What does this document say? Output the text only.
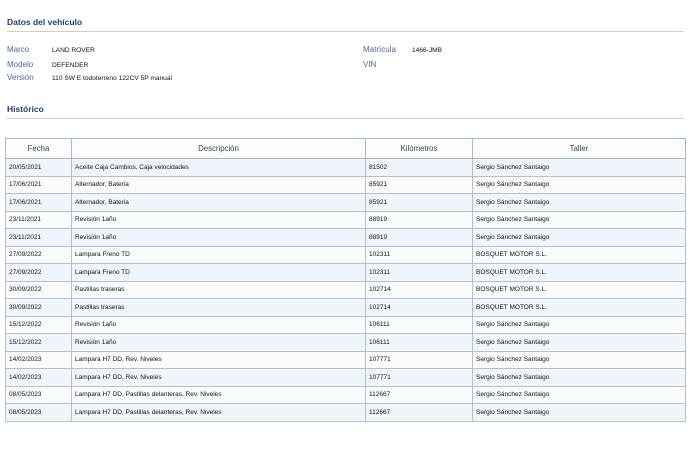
Datos del vehículo
Marco	LAND ROVER
Modelo	DEFENDER
Versión	110 SW E todoterreno 122CV 5P manual
Matrícula 1466-JMB
VIN
Histórico
Fecha	Descripción	Kilómetros	Taller
20/05/2021	Aceite Caja Cambios, Caja velocidades	81502	Sergio Sánchez Santaigo
17/06/2021	Alternador, Bateria	85921	Sergio Sánchez Santaigo
17/06/2021	Alternador, Bateria	85921	Sergio Sánchez Santaigo
23/11/2021	Revisión 1año	88919	Sergio Sánchez Santaigo
23/11/2021	Revisión 1año	88919	Sergio Sánchez Santaigo
27/09/2022	Lampara Freno TD	102311	BOSQUET MOTOR S.L.
27/09/2022	Lampara Freno TD	102311	BOSQUET MOTOR S.L.
30/09/2022	Pastillas traseras	102714	BOSQUET MOTOR S.L.
30/09/2022	Pastillas traseras	102714	BOSQUET MOTOR S.L.
15/12/2022	Revisión 1año	106111	Sergio Sánchez Santaigo
15/12/2022	Revisión 1año	106111	Sergio Sánchez Santaigo
14/02/2023	Lampara H7 DD, Rev. Niveles	107771	Sergio Sánchez Santaigo
14/02/2023	Lampara H7 DD, Rev. Niveles	107771	Sergio Sánchez Santaigo
08/05/2023	Lampara H7 DD, Pastillas delanteras, Rev. Niveles	112667	Sergio Sánchez Santaigo
08/05/2023	Lampara H7 DD, Pastillas delanteras, Rev. Niveles	112667	Sergio Sánchez Santaigo
